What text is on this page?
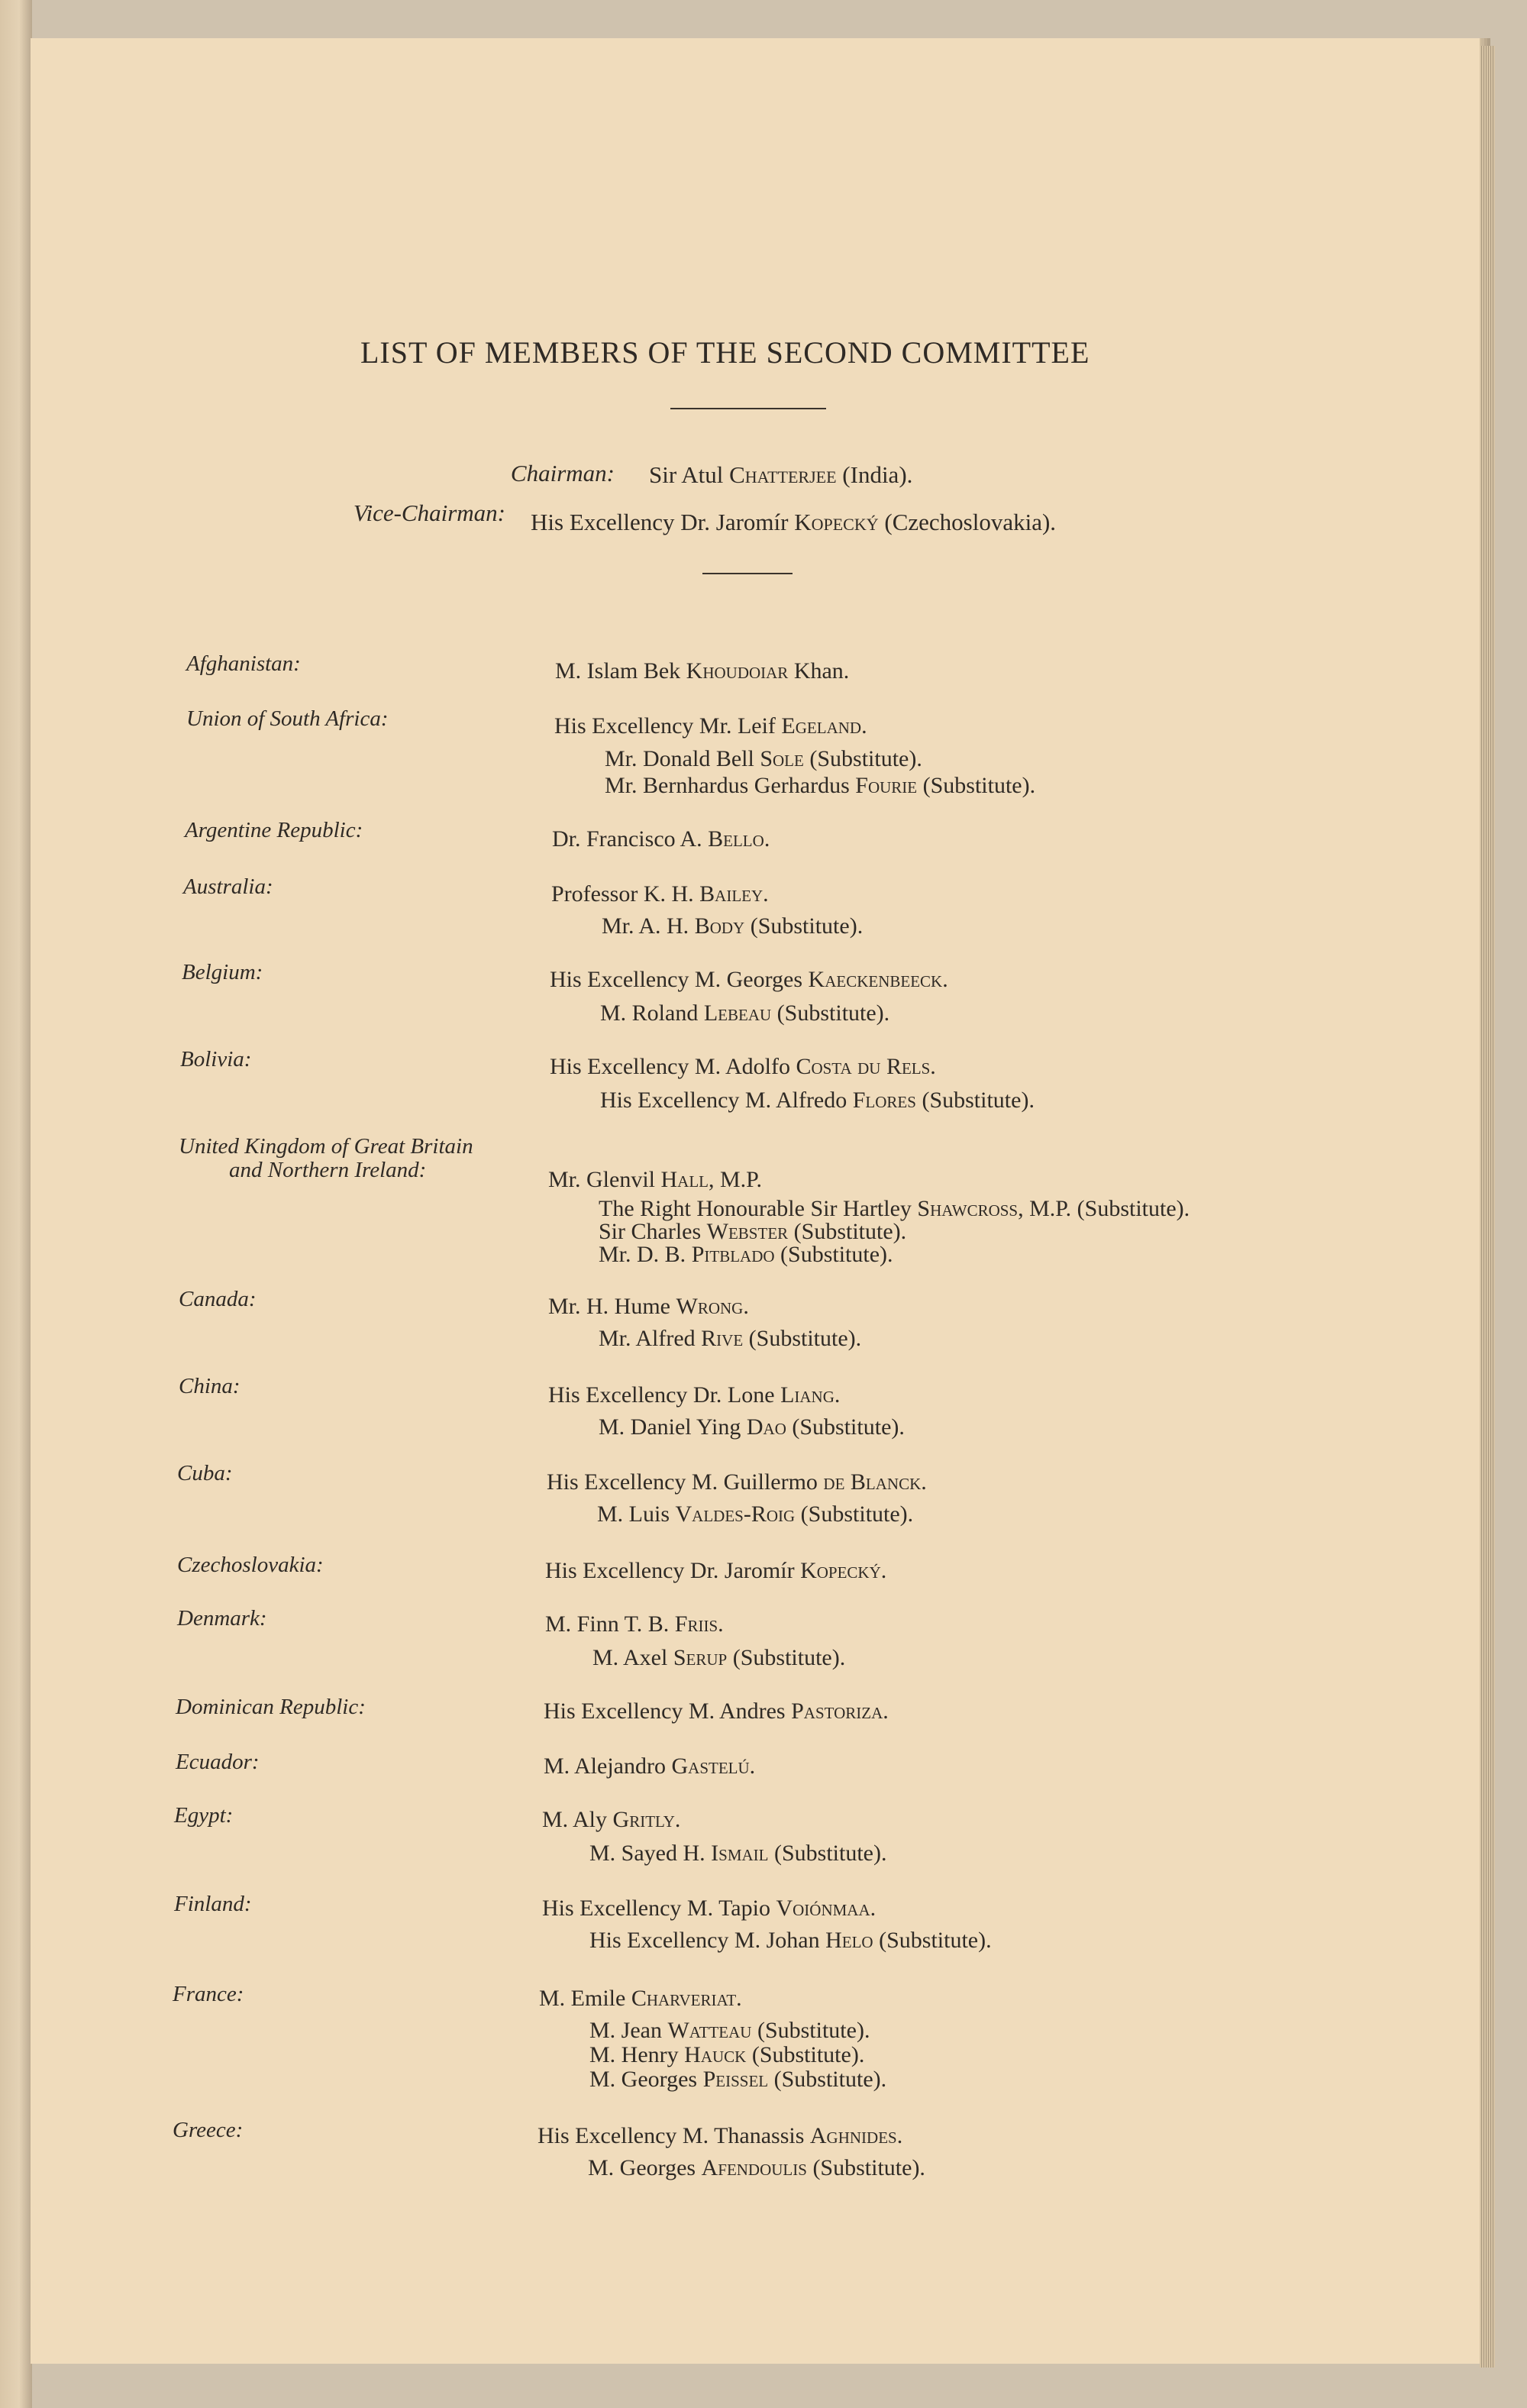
LIST OF MEMBERS OF THE SECOND COMMITTEE
Chairman: Sir Atul Chatterjee (India).
Vice-Chairman: His Excellency Dr. Jaromír Kopecký (Czechoslovakia).
Afghanistan:	M. Islam Bek Khoudoiar Khan.
Union of South Africa:	His Excellency Mr. Leif Egeland.
Mr. Donald Bell Sole (Substitute).
Mr. Bernhardus Gerhardus Fourie (Substitute).
Argentine Republic:	Dr. Francisco A. Bello.
Australia:	Professor K. H. Bailey.
Mr. A. H. Body (Substitute).
Belgium:	His Excellency M. Georges Kaeckenbeeck.
M. Roland Lebeau (Substitute).
Bolivia:	His Excellency M. Adolfo Costa du Rels.
His Excellency M. Alfredo Flores (Substitute).
United Kingdom of Great Britain
and Northern Ireland:	Mr. Glenvil Hall, M.P.
The Right Honourable Sir Hartley Shawcross, M.P. (Substitute).
Sir Charles Webster (Substitute).
Mr. D. B. Pitblado (Substitute).
Canada:	Mr. H. Hume Wrong.
Mr. Alfred Rive (Substitute).
China:	His Excellency Dr. Lone Liang.
M. Daniel Ying Dao (Substitute).
Cuba:	His Excellency M. Guillermo de Blanck.
M. Luis Valdes-Roig (Substitute).
Czechoslovakia:	His Excellency Dr. Jaromír Kopecký.
Denmark:	M. Finn T. B. Friis.
M. Axel Serup (Substitute).
Dominican Republic:	His Excellency M. Andres Pastoriza.
Ecuador:	M. Alejandro Gastelú.
Egypt:	M. Aly Gritly.
M. Sayed H. Ismail (Substitute).
Finland:	His Excellency M. Tapio Voiónmaa.
His Excellency M. Johan Helo (Substitute).
France:	M. Emile Charveriat.
M. Jean Watteau (Substitute).
M. Henry Hauck (Substitute).
M. Georges Peissel (Substitute).
Greece:	His Excellency M. Thanassis Aghnides.
M. Georges Afendoulis (Substitute).
